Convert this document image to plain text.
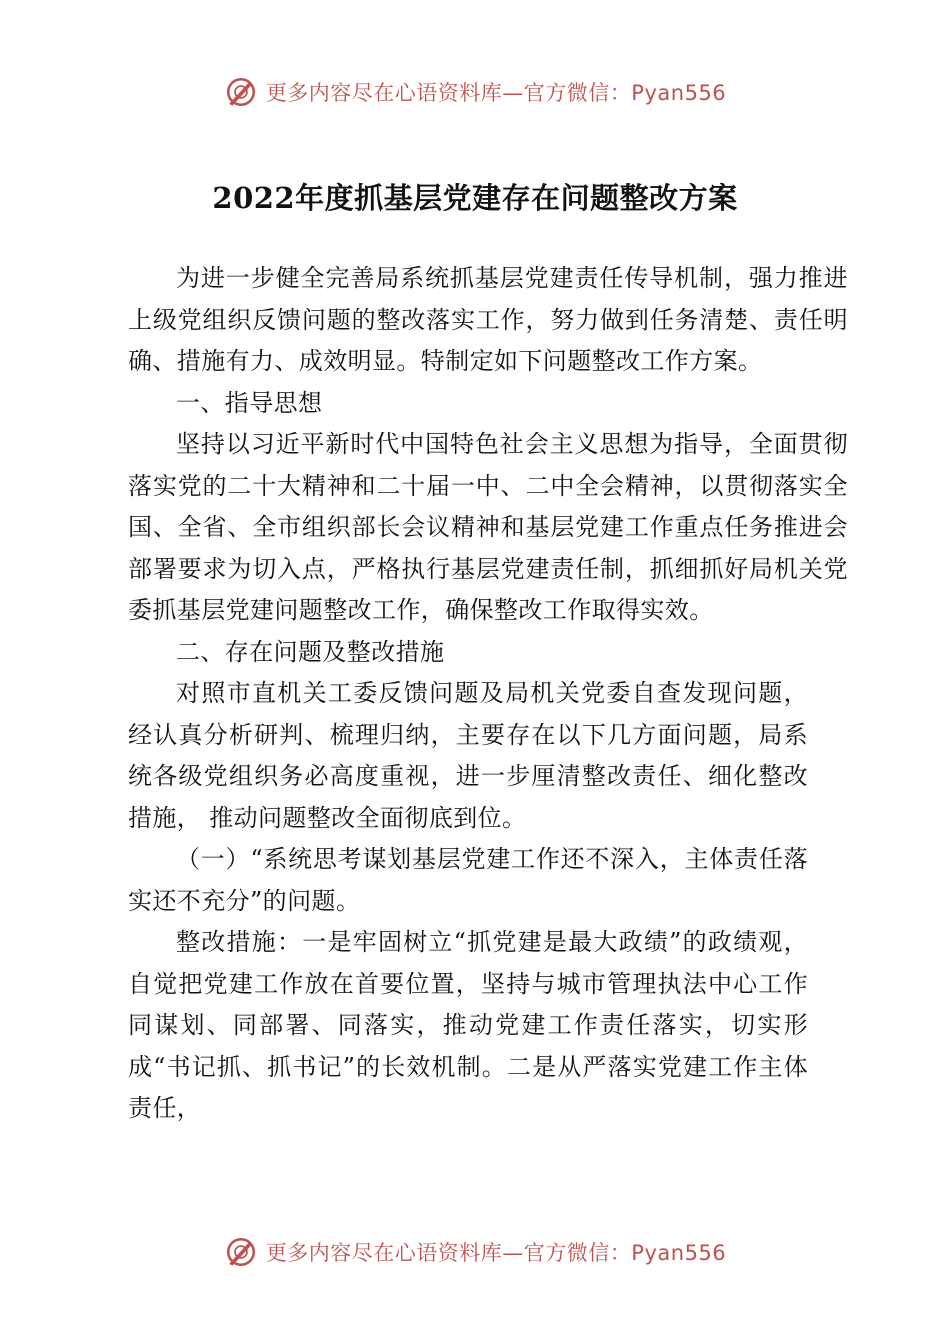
更多内容尽在心语资料库—官方微信：Pyan556
2022年度抓基层党建存在问题整改方案

为进一步健全完善局系统抓基层党建责任传导机制，强力推进上级党组织反馈问题的整改落实工作，努力做到任务清楚、责任明确、措施有力、成效明显。特制定如下问题整改工作方案。

一、指导思想

坚持以习近平新时代中国特色社会主义思想为指导，全面贯彻落实党的二十大精神和二十届一中、二中全会精神，以贯彻落实全国、全省、全市组织部长会议精神和基层党建工作重点任务推进会部署要求为切入点，严格执行基层党建责任制，抓细抓好局机关党委抓基层党建问题整改工作，确保整改工作取得实效。

二、存在问题及整改措施

对照市直机关工委反馈问题及局机关党委自查发现问题，经认真分析研判、梳理归纳，主要存在以下几方面问题，局系统各级党组织务必高度重视，进一步厘清整改责任、细化整改措施， 推动问题整改全面彻底到位。

（一）“系统思考谋划基层党建工作还不深入，主体责任落实还不充分”的问题。

整改措施：一是牢固树立“抓党建是最大政绩”的政绩观，自觉把党建工作放在首要位置，坚持与城市管理执法中心工作同谋划、同部署、同落实，推动党建工作责任落实，切实形成“书记抓、抓书记”的长效机制。二是从严落实党建工作主体责任，

更多内容尽在心语资料库—官方微信：Pyan556
